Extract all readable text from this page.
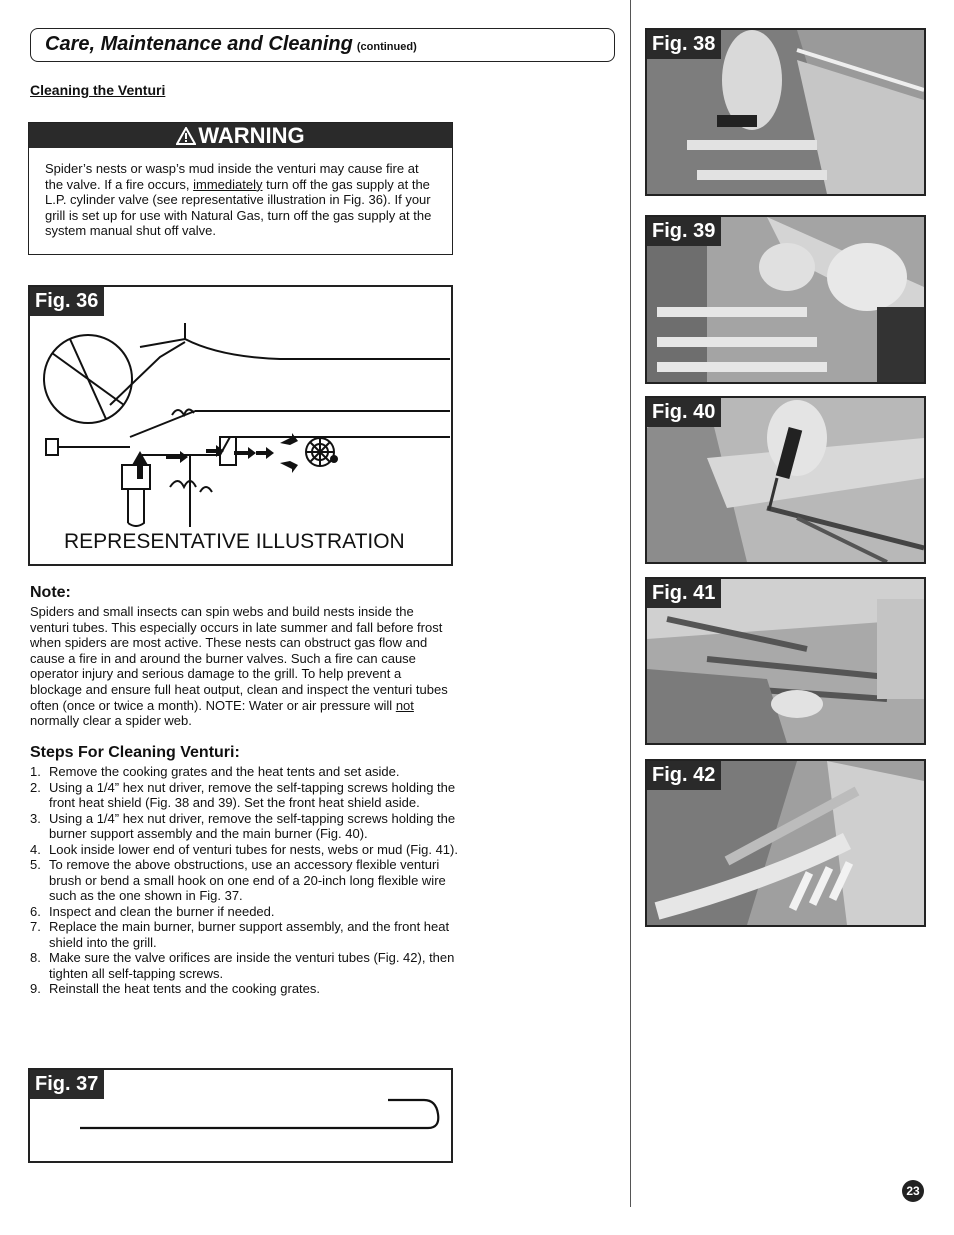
Care, Maintenance and Cleaning (continued)
Cleaning the Venturi
WARNING
Spider’s nests or wasp’s mud inside the venturi may cause fire at the valve. If a fire occurs, immediately turn off the gas supply at the L.P. cylinder valve (see representative illustration in Fig. 36). If your grill is set up for use with Natural Gas, turn off the gas supply at the system manual shut off valve.
Fig. 36
REPRESENTATIVE ILLUSTRATION
Note:
Spiders and small insects can spin webs and build nests inside the venturi tubes. This especially occurs in late summer and fall before frost when spiders are most active. These nests can obstruct gas flow and cause a fire in and around the burner valves. Such a fire can cause operator injury and serious damage to the grill. To help prevent a blockage and ensure full heat output, clean and inspect the venturi tubes often (once or twice a month). NOTE: Water or air pressure will not normally clear a spider web.
Steps For Cleaning Venturi:
1. Remove the cooking grates and the heat tents and set aside.
2. Using a 1/4” hex nut driver, remove the self-tapping screws holding the front heat shield (Fig. 38 and 39). Set the front heat shield aside.
3. Using a 1/4” hex nut driver, remove the self-tapping screws holding the burner support assembly and the main burner (Fig. 40).
4. Look inside lower end of venturi tubes for nests, webs or mud (Fig. 41).
5. To remove the above obstructions, use an accessory flexible venturi brush or bend a small hook on one end of a 20-inch long flexible wire such as the one shown in Fig. 37.
6. Inspect and clean the burner if needed.
7. Replace the main burner, burner support assembly, and the front heat shield into the grill.
8. Make sure the valve orifices are inside the venturi tubes (Fig. 42), then tighten all self-tapping screws.
9. Reinstall the heat tents and the cooking grates.
Fig. 37
Fig. 38
Fig. 39
Fig. 40
Fig. 41
Fig. 42
23
